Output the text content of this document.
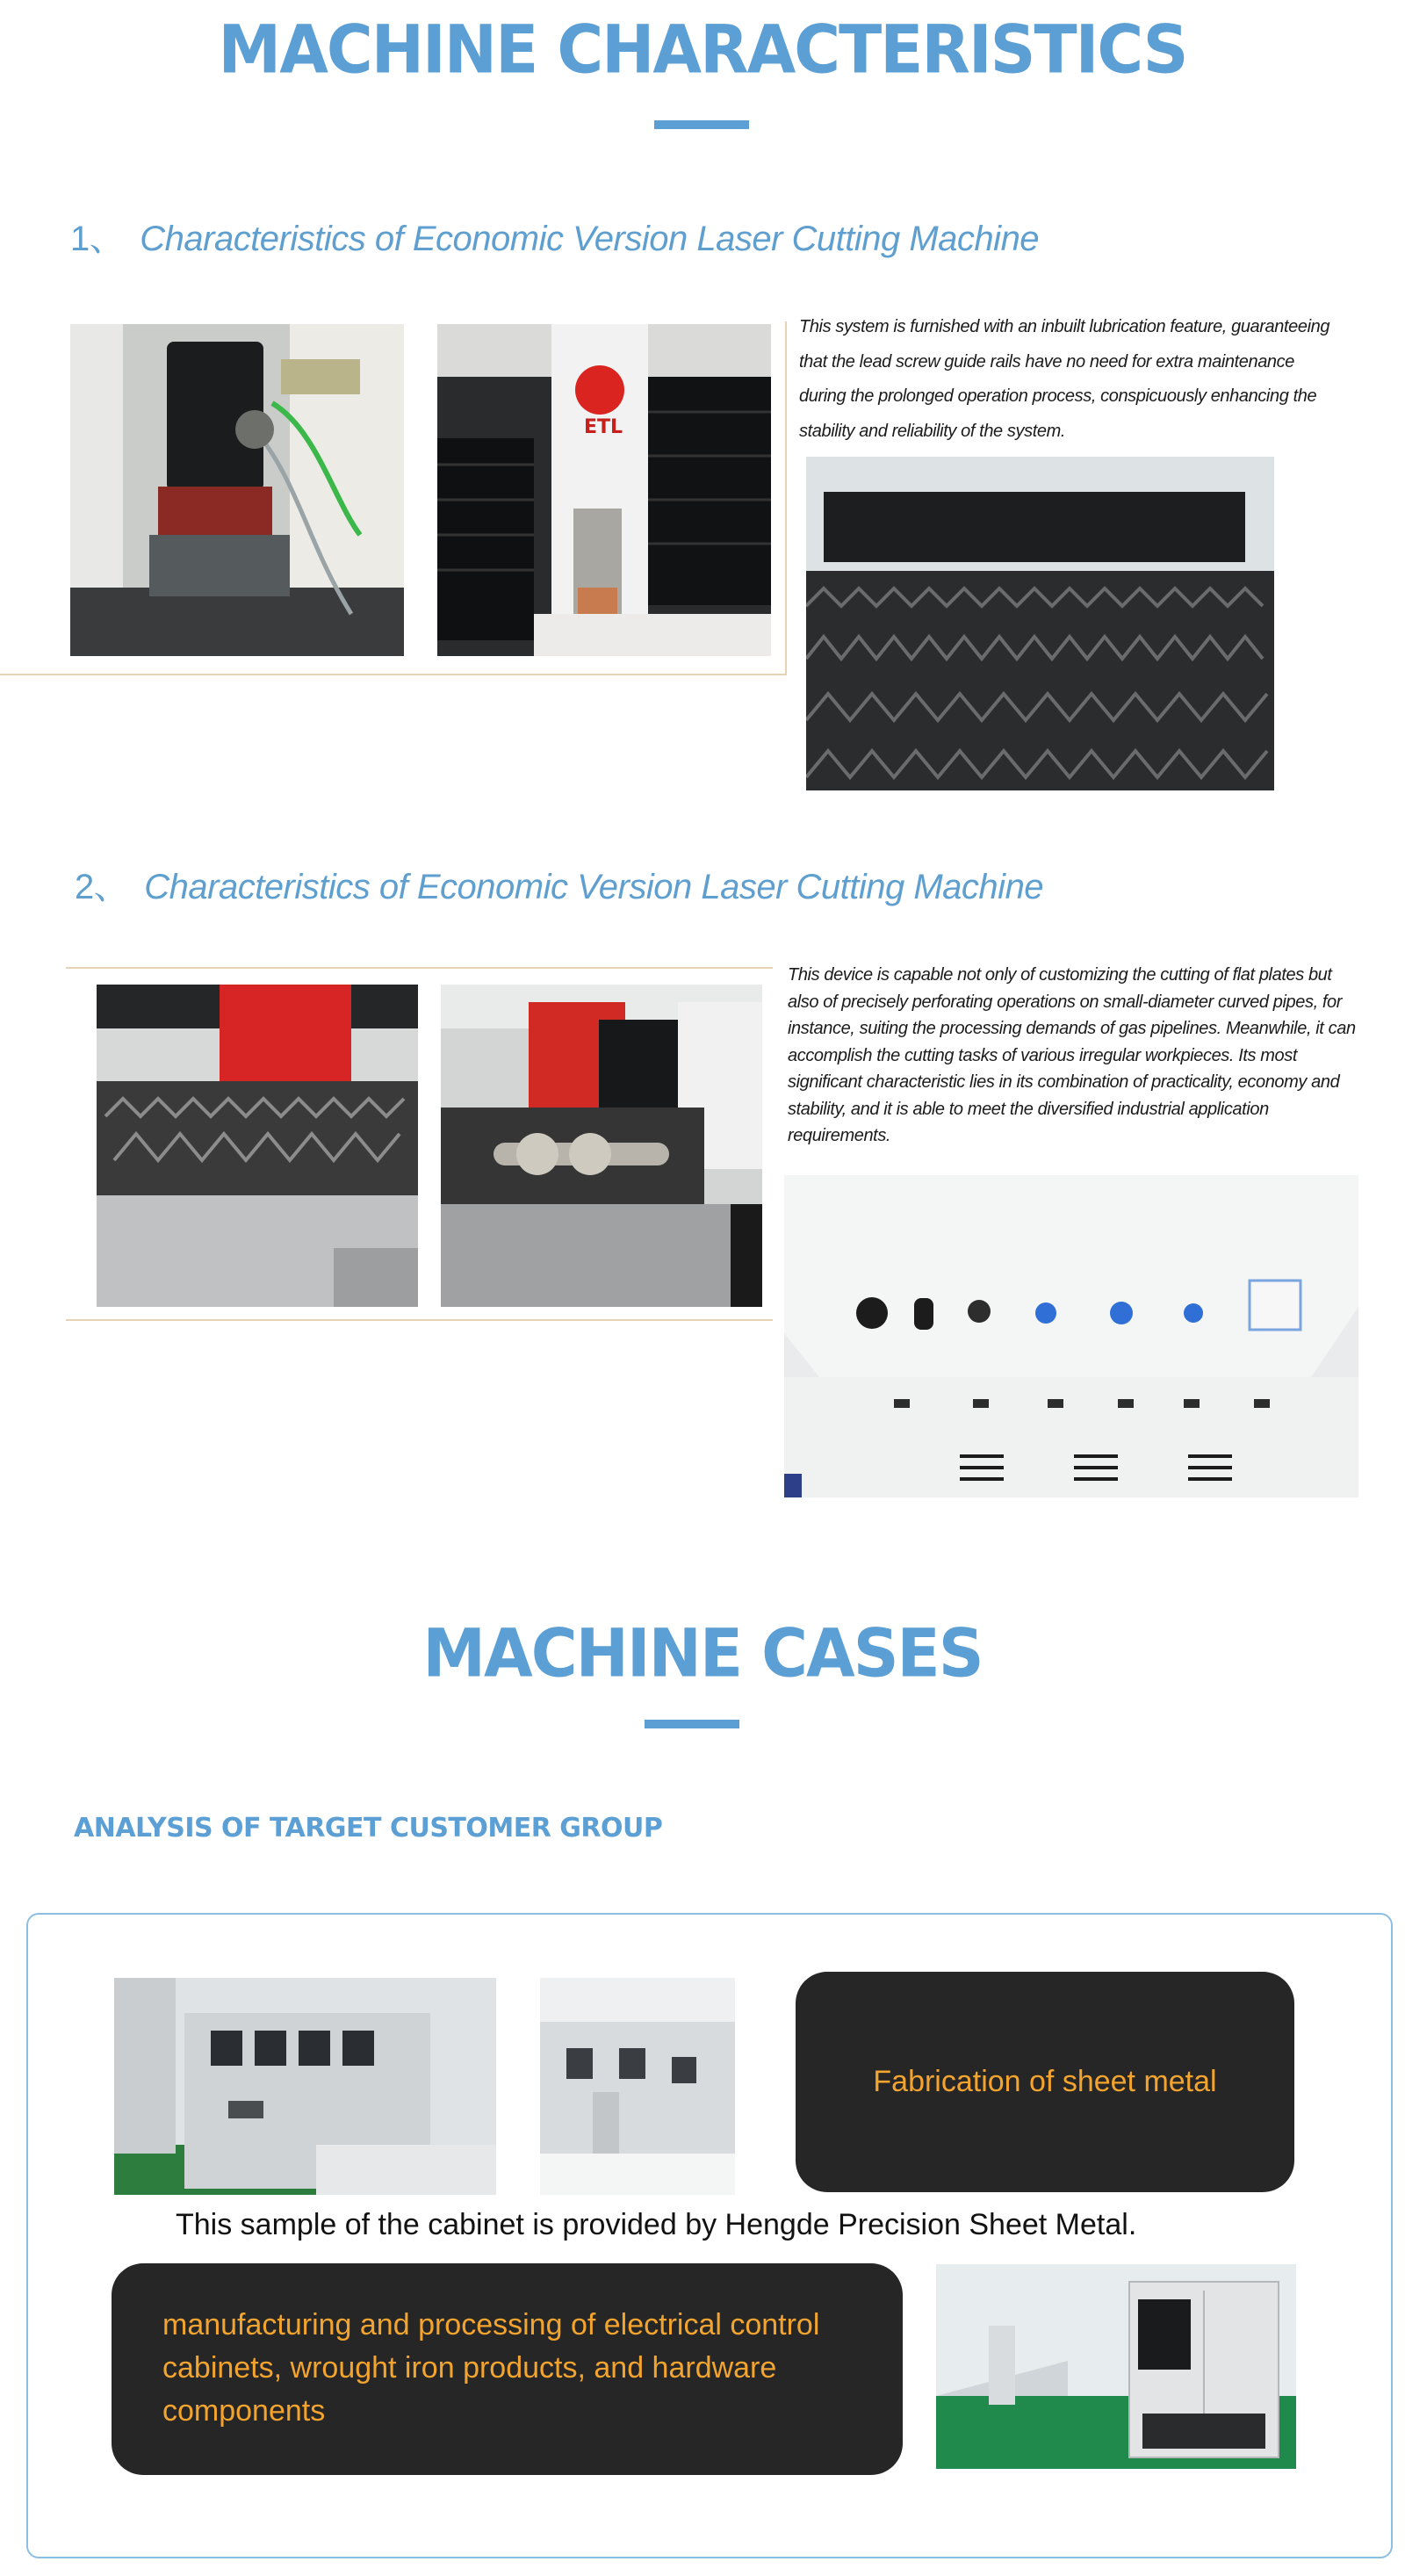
MACHINE CHARACTERISTICS
1、 Characteristics of Economic Version Laser Cutting Machine
ETL
This system is furnished with an inbuilt lubrication feature, guaranteeing
that the lead screw guide rails have no need for extra maintenance
during the prolonged operation process, conspicuously enhancing the
stability and reliability of the system.
2、 Characteristics of Economic Version Laser Cutting Machine
This device is capable not only of customizing the cutting of flat plates but
also of precisely perforating operations on small-diameter curved pipes, for
instance, suiting the processing demands of gas pipelines. Meanwhile, it can
accomplish the cutting tasks of various irregular workpieces. Its most
significant characteristic lies in its combination of practicality, economy and
stability, and it is able to meet the diversified industrial application
requirements.
MACHINE CASES
ANALYSIS OF TARGET CUSTOMER GROUP
Fabrication of sheet metal
This sample of the cabinet is provided by Hengde Precision Sheet Metal.
manufacturing and processing of electrical control
cabinets, wrought iron products, and hardware
components
